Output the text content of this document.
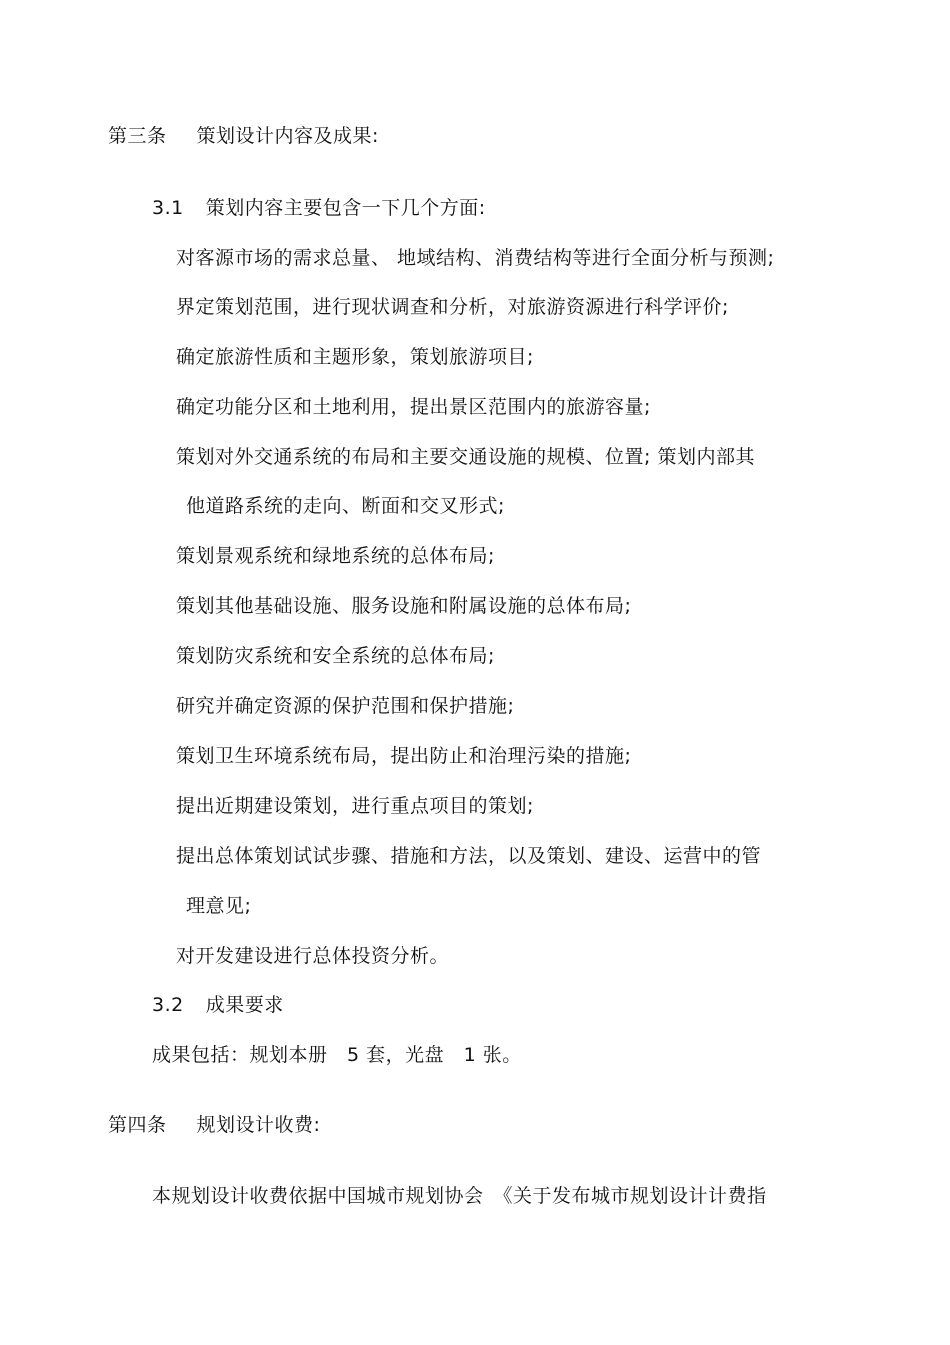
第三条 策划设计内容及成果:
3.1 策划内容主要包含一下几个方面:
对客源市场的需求总量、 地域结构、消费结构等进行全面分析与预测;
界定策划范围，进行现状调查和分析，对旅游资源进行科学评价;
确定旅游性质和主题形象，策划旅游项目;
确定功能分区和土地利用，提出景区范围内的旅游容量;
策划对外交通系统的布局和主要交通设施的规模、位置; 策划内部其
他道路系统的走向、断面和交叉形式;
策划景观系统和绿地系统的总体布局;
策划其他基础设施、服务设施和附属设施的总体布局;
策划防灾系统和安全系统的总体布局;
研究并确定资源的保护范围和保护措施;
策划卫生环境系统布局，提出防止和治理污染的措施;
提出近期建设策划，进行重点项目的策划;
提出总体策划试试步骤、措施和方法，以及策划、建设、运营中的管
理意见;
对开发建设进行总体投资分析。
3.2 成果要求
成果包括：规划本册　5 套，光盘　1 张。
第四条 规划设计收费:
本规划设计收费依据中国城市规划协会　《关于发布城市规划设计计费指
